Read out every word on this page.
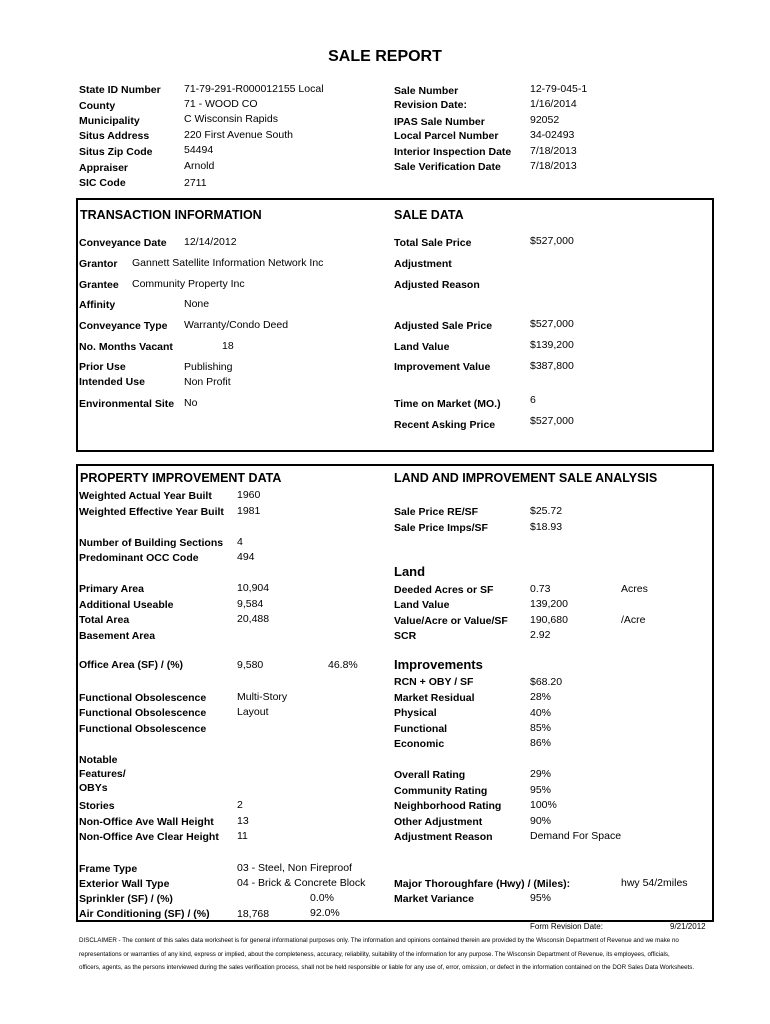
SALE REPORT
State ID Number 71-79-291-R000012155 Local
County	71 - WOOD CO
Municipality	C Wisconsin Rapids
Situs Address	220 First Avenue South
Situs Zip Code	54494
Appraiser	Arnold
SIC Code	2711
Sale Number	12-79-045-1
Revision Date:	1/16/2014
IPAS Sale Number	92052
Local Parcel Number	34-02493
Interior Inspection Date 7/18/2013
Sale Verification Date	7/18/2013
TRANSACTION INFORMATION	SALE DATA
Conveyance Date 12/14/2012
Grantor Gannett Satellite Information Network Inc
Grantee Community Property Inc
Affinity	None
Conveyance Type Warranty/Condo Deed
No. Months Vacant	18
Prior Use	Publishing
Intended Use	Non Profit
Environmental Site No
Total Sale Price	$527,000
Adjustment
Adjusted Reason
Adjusted Sale Price	$527,000
Land Value	$139,200
Improvement Value	$387,800
Time on Market (MO.)	6
Recent Asking Price	$527,000
PROPERTY IMPROVEMENT DATA	LAND AND IMPROVEMENT SALE ANALYSIS
Weighted Actual Year Built 1960
Weighted Effective Year Built 1981
Number of Building Sections 4
Predominant OCC Code	494
Primary Area	10,904
Additional Useable	9,584
Total Area	20,488
Basement Area
Office Area (SF) / (%)	9,580	46.8%
Functional Obsolescence	Multi-Story
Functional Obsolescence	Layout
Functional Obsolescence
Notable
Features/
OBYs
Stories	2
Non-Office Ave Wall Height 13
Non-Office Ave Clear Height 11
Frame Type	03 - Steel, Non Fireproof
Exterior Wall Type	04 - Brick & Concrete Block
Sprinkler (SF) / (%)	0.0%
Air Conditioning (SF) / (%)	18,768	92.0%
Sale Price RE/SF	$25.72
Sale Price Imps/SF	$18.93
Land
Deeded Acres or SF	0.73	Acres
Land Value	139,200
Value/Acre or Value/SF 190,680	/Acre
SCR	2.92
Improvements
RCN + OBY / SF	$68.20
Market Residual	28%
Physical	40%
Functional	85%
Economic	86%
Overall Rating	29%
Community Rating	95%
Neighborhood Rating	100%
Other Adjustment	90%
Adjustment Reason	Demand For Space
Major Thoroughfare (Hwy) / (Miles):	hwy 54/2miles
Market Variance	95%
Form Revision Date:	9/21/2012
DISCLAIMER - The content of this sales data worksheet is for general informational purposes only. The information and opinions contained therein are provided by the Wisconsin Department of Revenue and we make no
representations or warranties of any kind, express or implied, about the completeness, accuracy, reliability, suitability of the information for any purpose. The Wisconsin Department of Revenue, its employees, officials,
officers, agents, as the persons interviewed during the sales verification process, shall not be held responsible or liable for any use of, error, omission, or defect in the information contained on the DOR Sales Data Worksheets.
